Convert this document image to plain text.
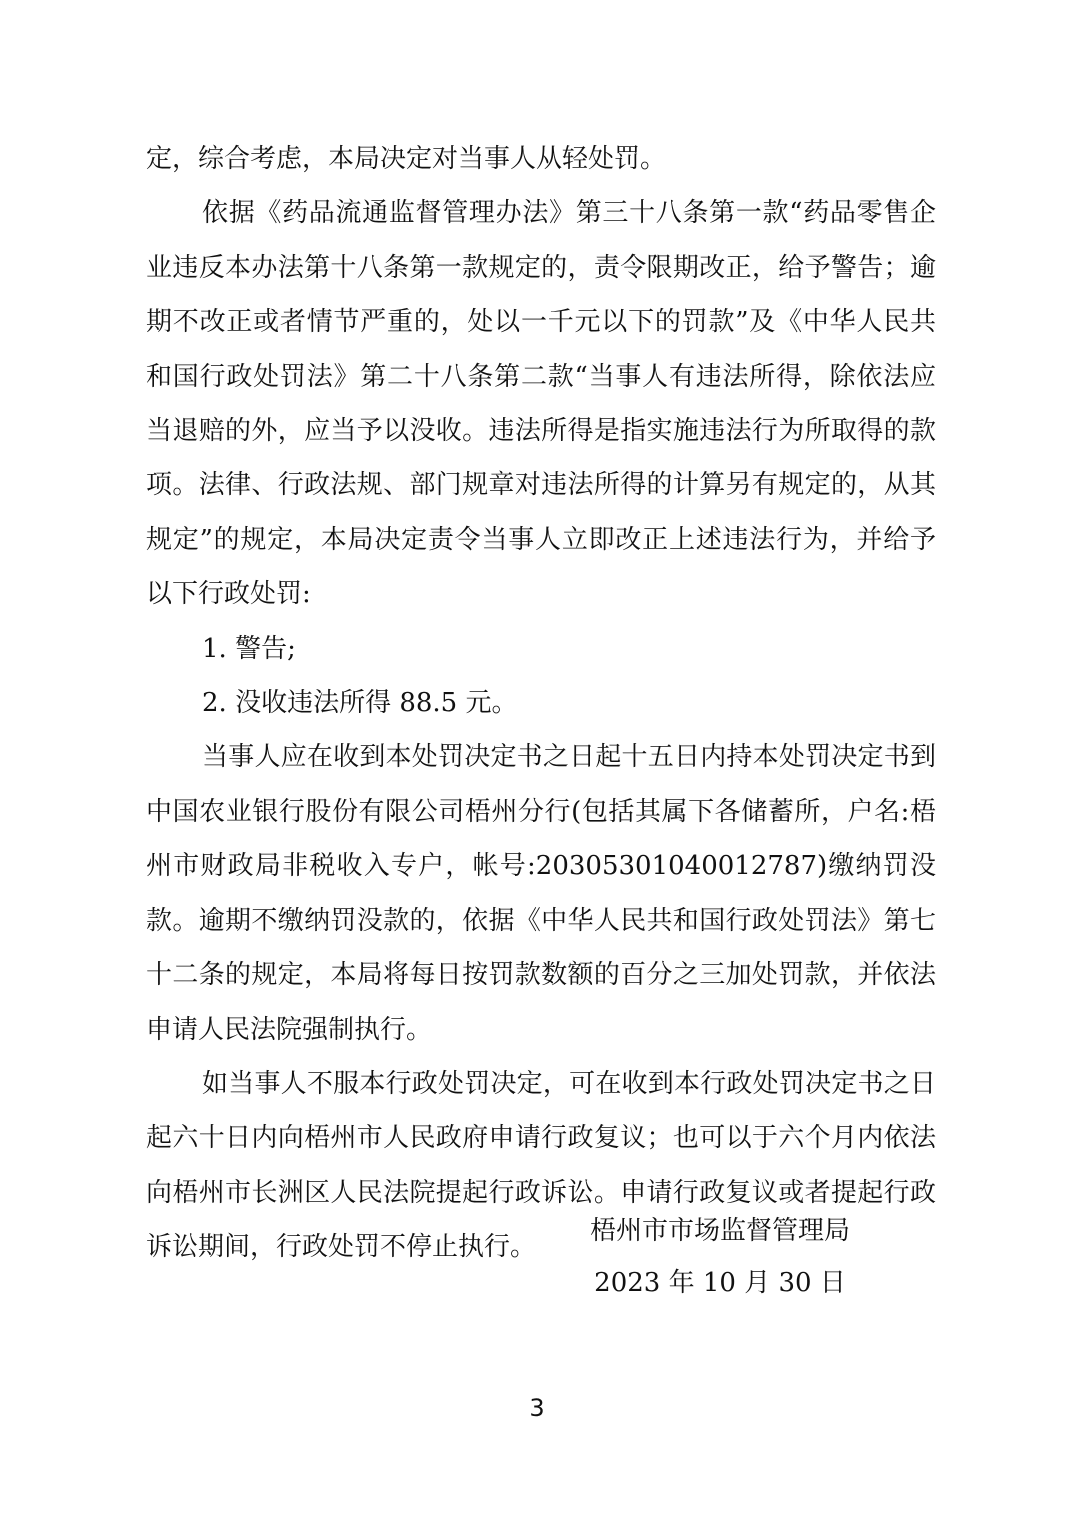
定，综合考虑，本局决定对当事人从轻处罚。

依据《药品流通监督管理办法》第三十八条第一款“药品零售企业违反本办法第十八条第一款规定的，责令限期改正，给予警告；逾期不改正或者情节严重的，处以一千元以下的罚款”及《中华人民共和国行政处罚法》第二十八条第二款“当事人有违法所得，除依法应当退赔的外，应当予以没收。违法所得是指实施违法行为所取得的款项。法律、行政法规、部门规章对违法所得的计算另有规定的，从其规定”的规定，本局决定责令当事人立即改正上述违法行为，并给予以下行政处罚:

1. 警告;

2. 没收违法所得 88.5 元。

当事人应在收到本处罚决定书之日起十五日内持本处罚决定书到中国农业银行股份有限公司梧州分行(包括其属下各储蓄所，户名:梧州市财政局非税收入专户，帐号:20305301040012787)缴纳罚没款。逾期不缴纳罚没款的，依据《中华人民共和国行政处罚法》第七十二条的规定，本局将每日按罚款数额的百分之三加处罚款，并依法申请人民法院强制执行。

如当事人不服本行政处罚决定，可在收到本行政处罚决定书之日起六十日内向梧州市人民政府申请行政复议；也可以于六个月内依法向梧州市长洲区人民法院提起行政诉讼。申请行政复议或者提起行政诉讼期间，行政处罚不停止执行。

梧州市市场监督管理局
2023 年 10 月 30 日
3
